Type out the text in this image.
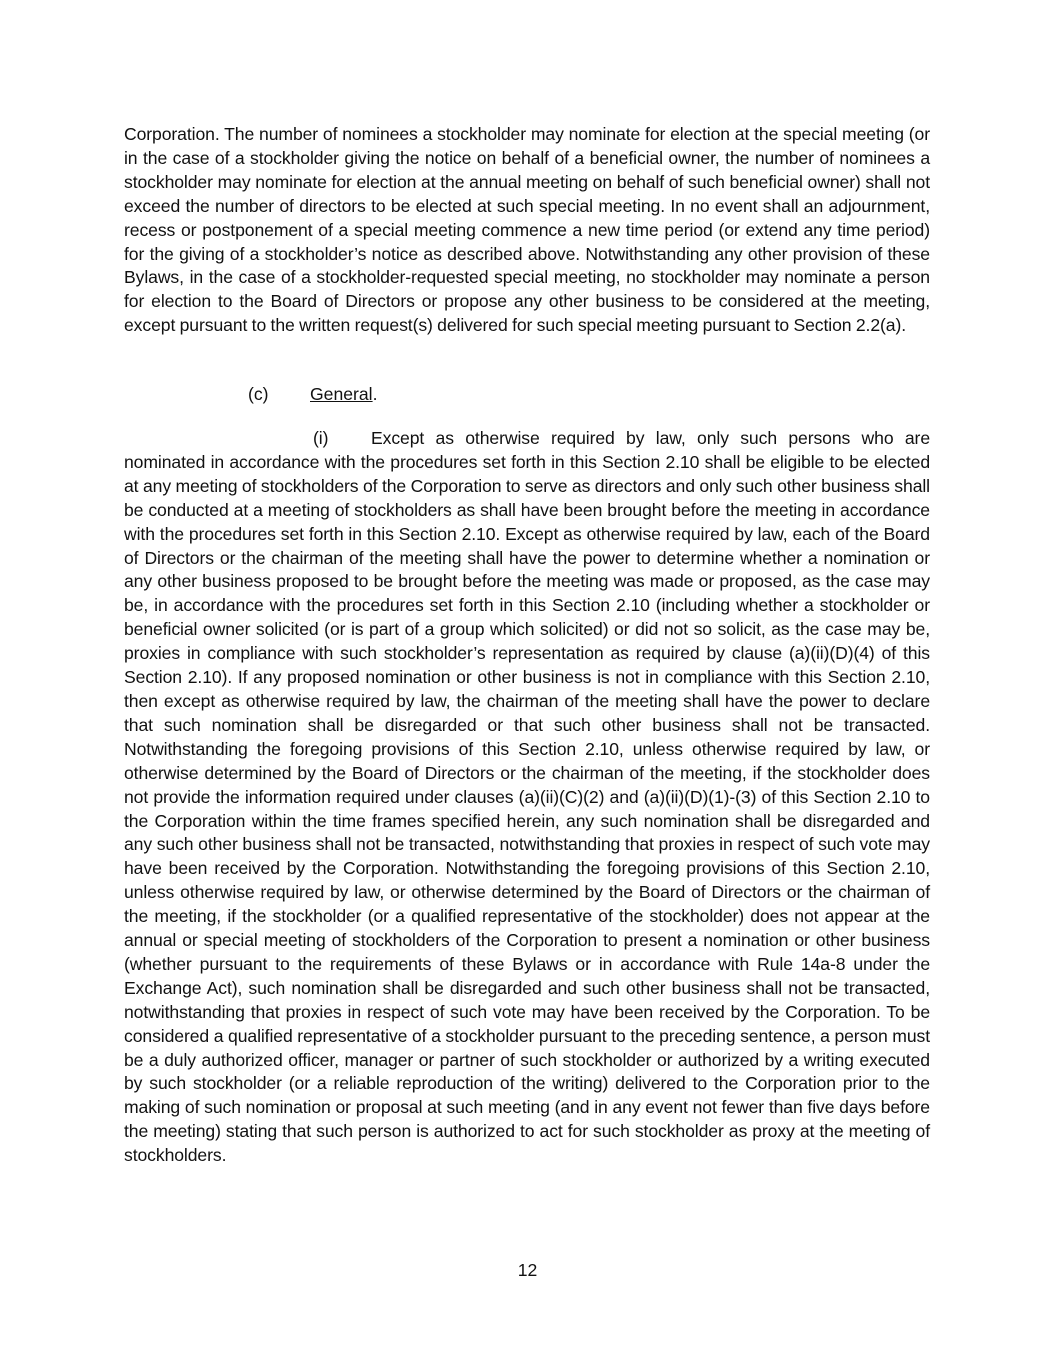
Corporation. The number of nominees a stockholder may nominate for election at the special meeting (or in the case of a stockholder giving the notice on behalf of a beneficial owner, the number of nominees a stockholder may nominate for election at the annual meeting on behalf of such beneficial owner) shall not exceed the number of directors to be elected at such special meeting. In no event shall an adjournment, recess or postponement of a special meeting commence a new time period (or extend any time period) for the giving of a stockholder’s notice as described above. Notwithstanding any other provision of these Bylaws, in the case of a stockholder-requested special meeting, no stockholder may nominate a person for election to the Board of Directors or propose any other business to be considered at the meeting, except pursuant to the written request(s) delivered for such special meeting pursuant to Section 2.2(a).
(c) General.
(i) Except as otherwise required by law, only such persons who are nominated in accordance with the procedures set forth in this Section 2.10 shall be eligible to be elected at any meeting of stockholders of the Corporation to serve as directors and only such other business shall be conducted at a meeting of stockholders as shall have been brought before the meeting in accordance with the procedures set forth in this Section 2.10. Except as otherwise required by law, each of the Board of Directors or the chairman of the meeting shall have the power to determine whether a nomination or any other business proposed to be brought before the meeting was made or proposed, as the case may be, in accordance with the procedures set forth in this Section 2.10 (including whether a stockholder or beneficial owner solicited (or is part of a group which solicited) or did not so solicit, as the case may be, proxies in compliance with such stockholder’s representation as required by clause (a)(ii)(D)(4) of this Section 2.10). If any proposed nomination or other business is not in compliance with this Section 2.10, then except as otherwise required by law, the chairman of the meeting shall have the power to declare that such nomination shall be disregarded or that such other business shall not be transacted. Notwithstanding the foregoing provisions of this Section 2.10, unless otherwise required by law, or otherwise determined by the Board of Directors or the chairman of the meeting, if the stockholder does not provide the information required under clauses (a)(ii)(C)(2) and (a)(ii)(D)(1)-(3) of this Section 2.10 to the Corporation within the time frames specified herein, any such nomination shall be disregarded and any such other business shall not be transacted, notwithstanding that proxies in respect of such vote may have been received by the Corporation. Notwithstanding the foregoing provisions of this Section 2.10, unless otherwise required by law, or otherwise determined by the Board of Directors or the chairman of the meeting, if the stockholder (or a qualified representative of the stockholder) does not appear at the annual or special meeting of stockholders of the Corporation to present a nomination or other business (whether pursuant to the requirements of these Bylaws or in accordance with Rule 14a-8 under the Exchange Act), such nomination shall be disregarded and such other business shall not be transacted, notwithstanding that proxies in respect of such vote may have been received by the Corporation. To be considered a qualified representative of a stockholder pursuant to the preceding sentence, a person must be a duly authorized officer, manager or partner of such stockholder or authorized by a writing executed by such stockholder (or a reliable reproduction of the writing) delivered to the Corporation prior to the making of such nomination or proposal at such meeting (and in any event not fewer than five days before the meeting) stating that such person is authorized to act for such stockholder as proxy at the meeting of stockholders.
12
